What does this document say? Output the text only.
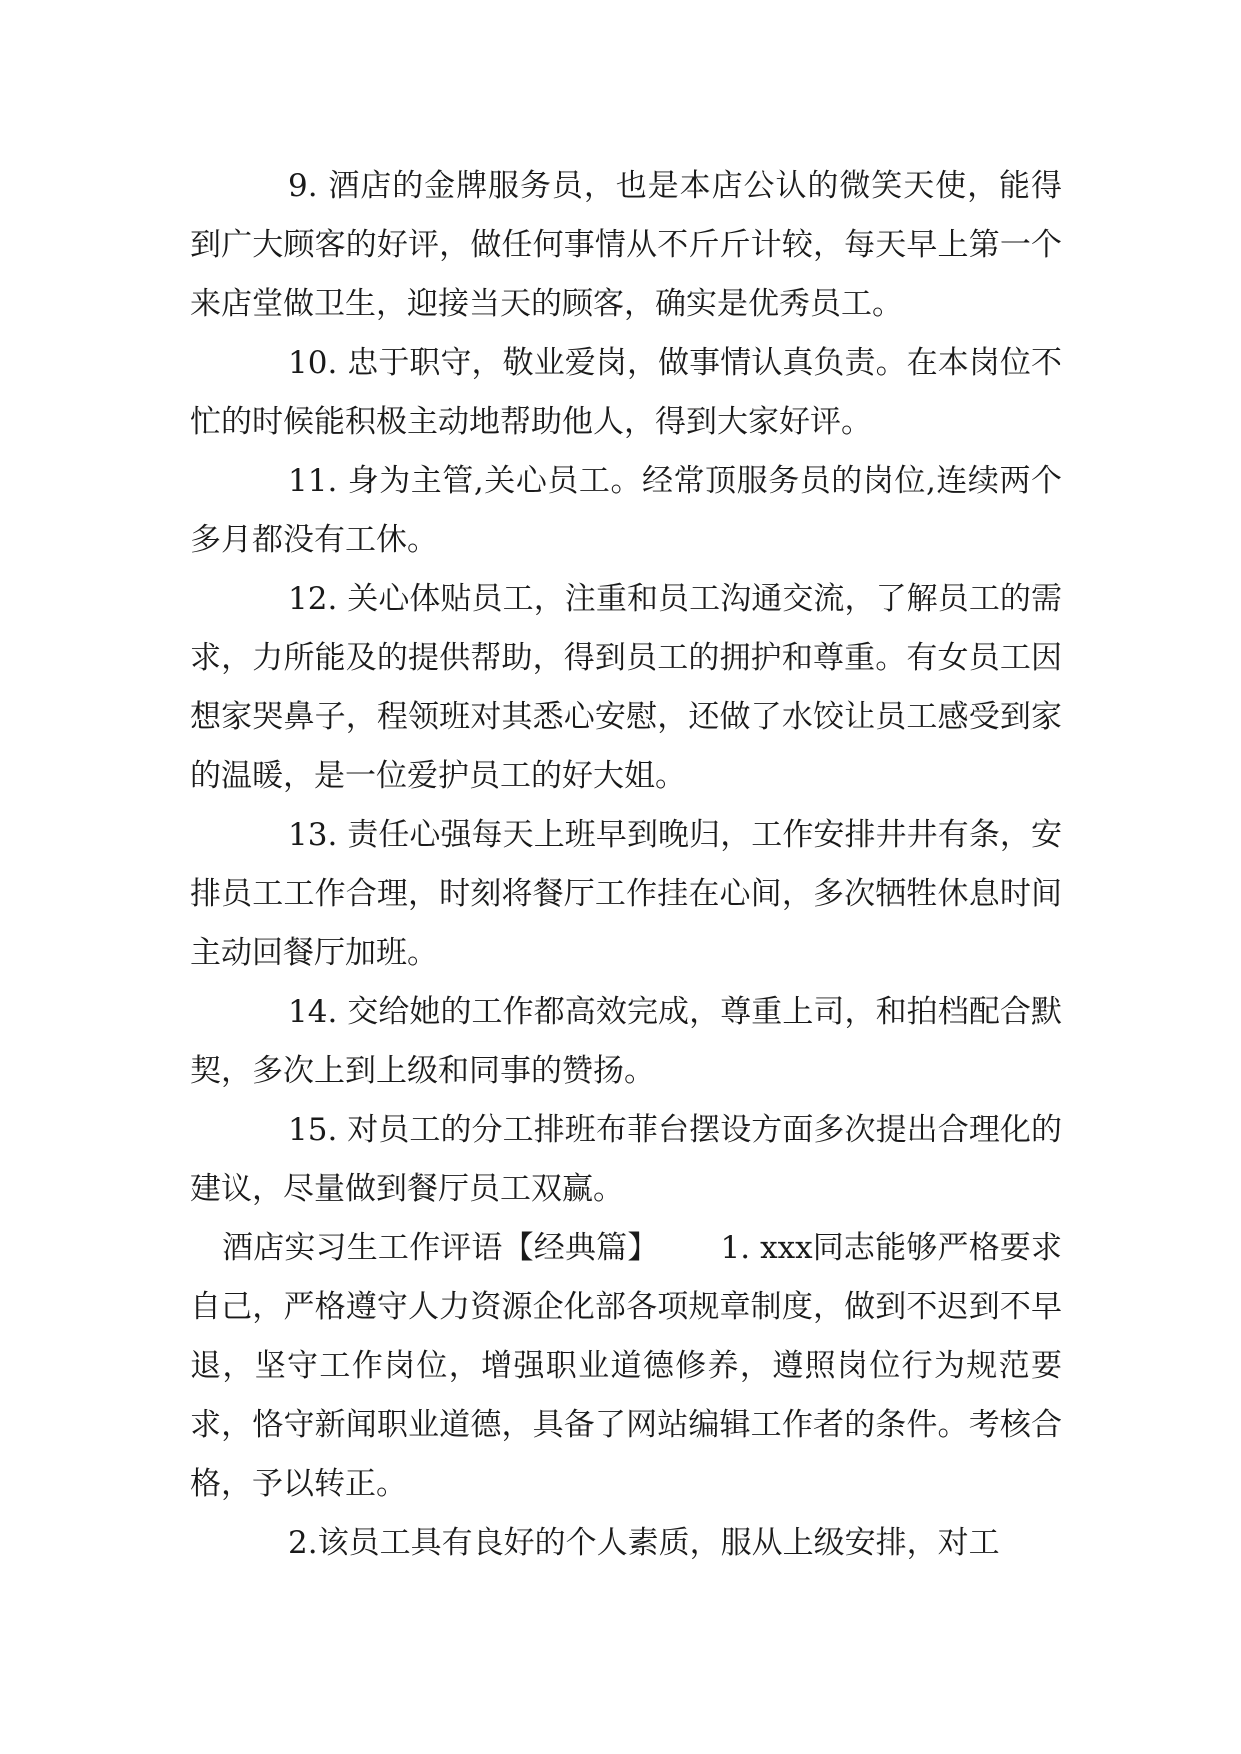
9. 酒店的金牌服务员，也是本店公认的微笑天使，能得到广大顾客的好评，做任何事情从不斤斤计较，每天早上第一个来店堂做卫生，迎接当天的顾客，确实是优秀员工。

10. 忠于职守，敬业爱岗，做事情认真负责。在本岗位不忙的时候能积极主动地帮助他人，得到大家好评。

11. 身为主管,关心员工。经常顶服务员的岗位,连续两个多月都没有工休。

12. 关心体贴员工，注重和员工沟通交流，了解员工的需求，力所能及的提供帮助，得到员工的拥护和尊重。有女员工因想家哭鼻子，程领班对其悉心安慰，还做了水饺让员工感受到家的温暖，是一位爱护员工的好大姐。

13. 责任心强每天上班早到晚归，工作安排井井有条，安排员工工作合理，时刻将餐厅工作挂在心间，多次牺牲休息时间主动回餐厅加班。

14. 交给她的工作都高效完成，尊重上司，和拍档配合默契，多次上到上级和同事的赞扬。

15. 对员工的分工排班布菲台摆设方面多次提出合理化的建议，尽量做到餐厅员工双赢。

酒店实习生工作评语【经典篇】 1. xxx同志能够严格要求自己，严格遵守人力资源企化部各项规章制度，做到不迟到不早退，坚守工作岗位，增强职业道德修养，遵照岗位行为规范要求，恪守新闻职业道德，具备了网站编辑工作者的条件。考核合格，予以转正。

2.该员工具有良好的个人素质，服从上级安排，对工
